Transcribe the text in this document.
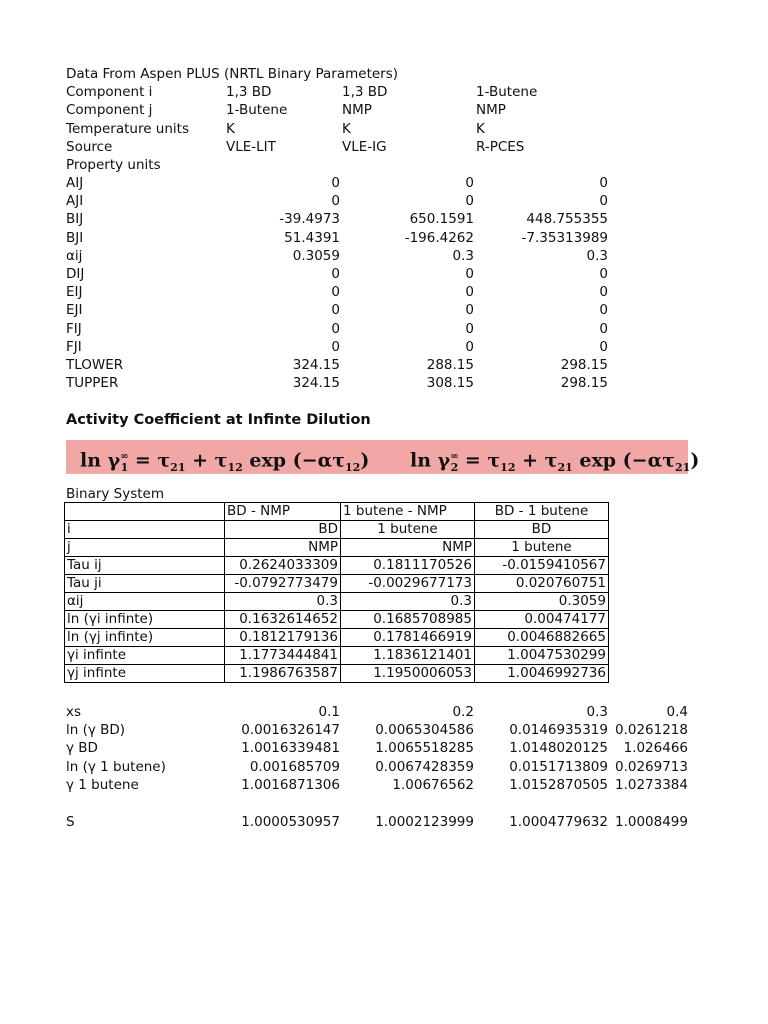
Data From Aspen PLUS (NRTL Binary Parameters)
Component i	1,3 BD	1,3 BD	1-Butene
Component j	1-Butene	NMP	NMP
Temperature units	K	K	K
Source	VLE-LIT	VLE-IG	R-PCES
Property units
AIJ	0	0	0
AJI	0	0	0
BIJ	-39.4973	650.1591	448.755355
BJI	51.4391	-196.4262	-7.35313989
αij	0.3059	0.3	0.3
DIJ	0	0	0
EIJ	0	0	0
EJI	0	0	0
FIJ	0	0	0
FJI	0	0	0
TLOWER	324.15	288.15	298.15
TUPPER	324.15	308.15	298.15
Activity Coefficient at Infinte Dilution
$\ln \gamma^\infty_1 = \tau_{21} + \tau_{12}$ $\exp (-\alpha\tau_{12})$ $\ln \gamma^\infty_2 = \tau_{12} + \tau_{21}$ $\exp (-\alpha\tau_{21})$
Binary System
	BD - NMP	1 butene - NMP	BD - 1 butene
i	BD	1 butene	BD
j	NMP	NMP	1 butene
Tau ij	0.2624033309	0.1811170526	-0.0159410567
Tau ji	-0.0792773479	-0.0029677173	0.020760751
αij	0.3	0.3	0.3059
ln (γi infinte)	0.1632614652	0.1685708985	0.00474177
ln (γj infinte)	0.1812179136	0.1781466919	0.0046882665
γi infinte	1.1773444841	1.1836121401	1.0047530299
γj infinte	1.1986763587	1.1950006053	1.0046992736
xs	0.1	0.2	0.3	0.4
ln (γ BD)	0.0016326147	0.0065304586	0.0146935319 0.0261218
γ BD	1.0016339481	1.0065518285	1.0148020125 1.026466
ln (γ 1 butene)	0.001685709	0.0067428359	0.0151713809 0.0269713
γ 1 butene	1.0016871306	1.00676562	1.0152870505 1.0273384
S	1.0000530957	1.0002123999	1.0004779632 1.0008499
